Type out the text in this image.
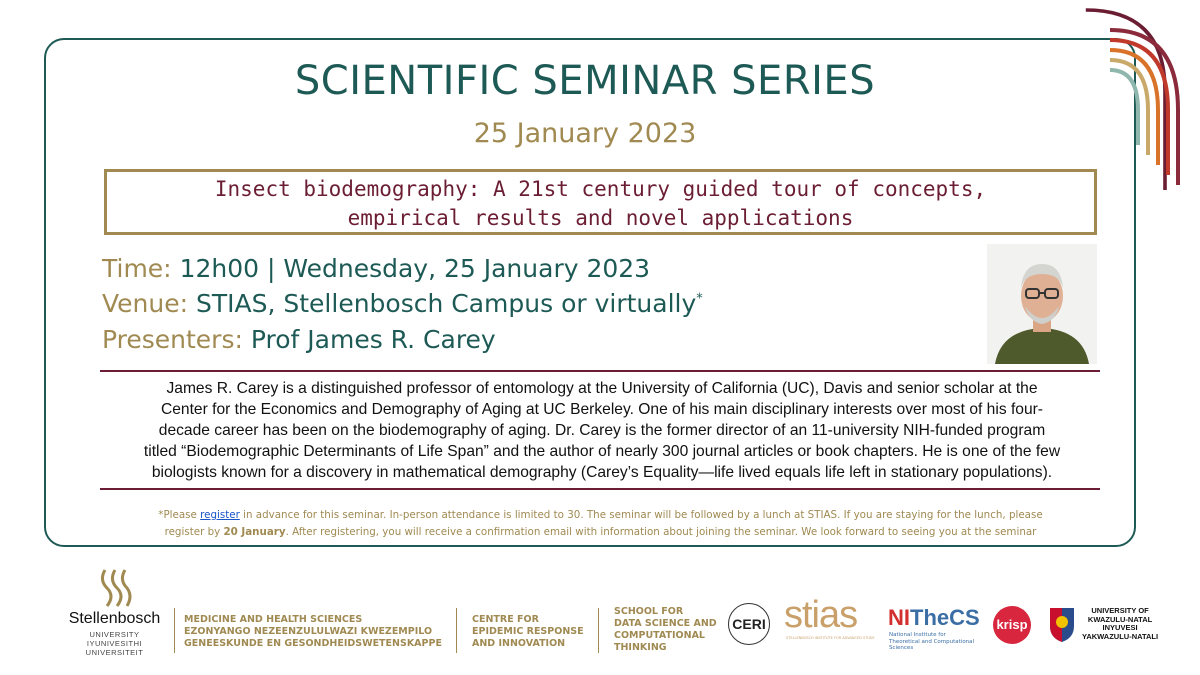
SCIENTIFIC SEMINAR SERIES
25 January 2023
Insect biodemography: A 21st century guided tour of concepts,
empirical results and novel applications
Time: 12h00 | Wednesday, 25 January 2023
Venue: STIAS, Stellenbosch Campus or virtually*
Presenters: Prof James R. Carey
James R. Carey is a distinguished professor of entomology at the University of California (UC), Davis and senior scholar at the
Center for the Economics and Demography of Aging at UC Berkeley. One of his main disciplinary interests over most of his four-
decade career has been on the biodemography of aging. Dr. Carey is the former director of an 11-university NIH-funded program
titled “Biodemographic Determinants of Life Span” and the author of nearly 300 journal articles or book chapters. He is one of the few
biologists known for a discovery in mathematical demography (Carey’s Equality—life lived equals life left in stationary populations).
*Please register in advance for this seminar. In-person attendance is limited to 30. The seminar will be followed by a lunch at STIAS. If you are staying for the lunch, please
register by 20 January. After registering, you will receive a confirmation email with information about joining the seminar. We look forward to seeing you at the seminar
Stellenbosch
UNIVERSITY
IYUNIVESITHI
UNIVERSITEIT
MEDICINE AND HEALTH SCIENCES
EZONYANGO NEZEENZULULWAZI KWEZEMPILO
GENEESKUNDE EN GESONDHEIDSWETENSKAPPE
CENTRE FOR
EPIDEMIC RESPONSE
AND INNOVATION
SCHOOL FOR
DATA SCIENCE AND
COMPUTATIONAL
THINKING
CERI stias
STELLENBOSCH INSTITUTE FOR ADVANCED STUDY
NITheCS
National Institute for
Theoretical and Computational Sciences
krisp
UNIVERSITY OF
KWAZULU-NATAL
INYUVESI
YAKWAZULU-NATALI
